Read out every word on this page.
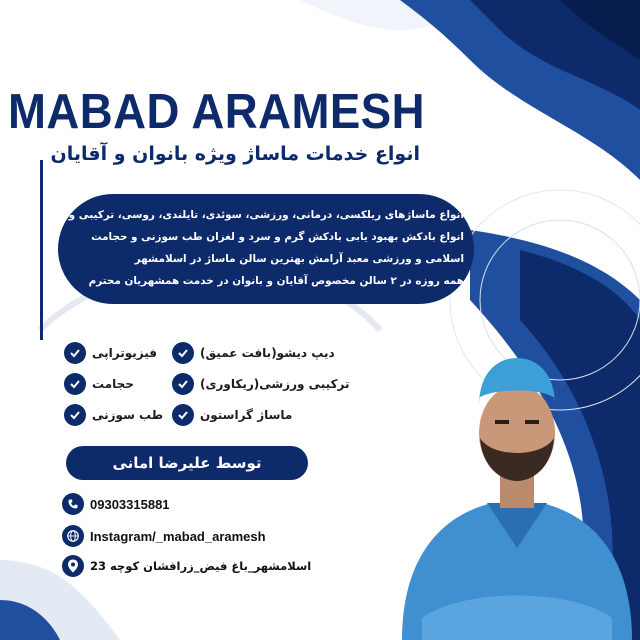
MABAD ARAMESH
انواع خدمات ماساژ ویژه بانوان و آقایان
انواع ماساژهای ریلکسی، درمانی، ورزشی، سوئدی، تایلندی، روسی، ترکیبی و...
انواع بادکش بهبود یابی بادکش گرم و سرد و لغزان طب سوزنی و حجامت
اسلامی و ورزشی معبد آرامش بهترین سالن ماساژ در اسلامشهر
همه روزه در ۲ سالن مخصوص آقایان و بانوان در خدمت همشهریان محترم
دیپ دیشو(بافت عمیق)
ترکیبی ورزشی(ریکاوری)
ماساژ گراستون
فیزیوتراپی
حجامت
طب سوزنی
توسط علیرضا امانی
09303315881
Instagram/_mabad_aramesh
اسلامشهر_باغ فیض_زرافشان کوچه 23
